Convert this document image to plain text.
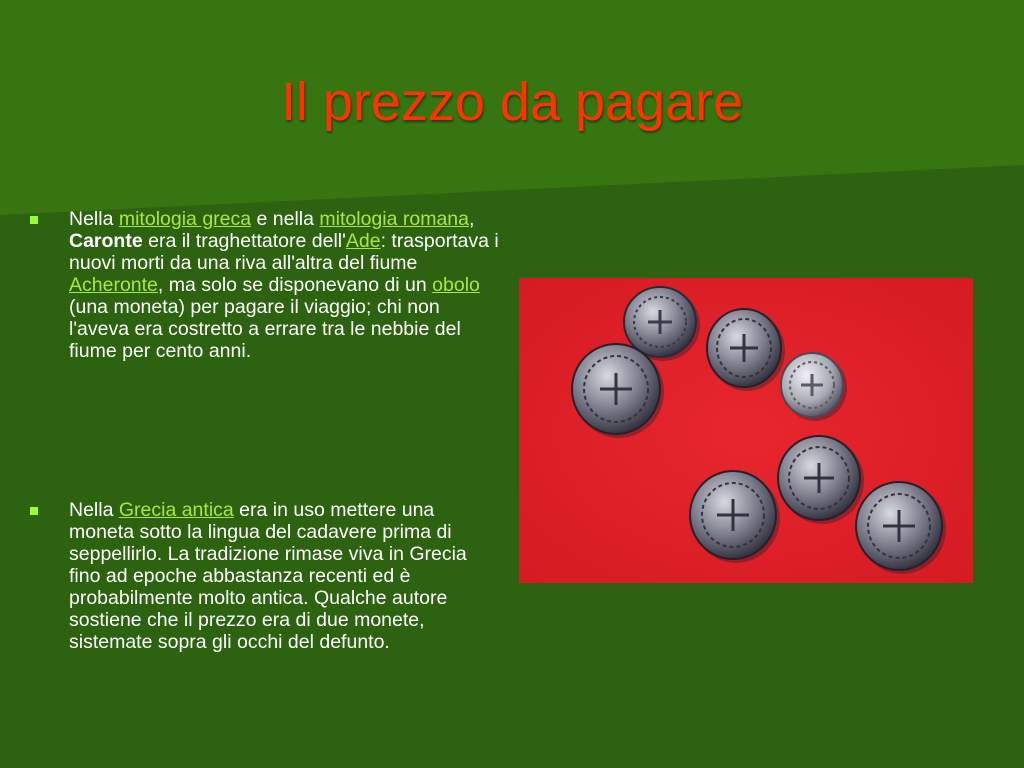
Il prezzo da pagare
Nella mitologia greca e nella mitologia romana, Caronte era il traghettatore dell'Ade: trasportava i nuovi morti da una riva all'altra del fiume Acheronte, ma solo se disponevano di un obolo (una moneta) per pagare il viaggio; chi non l'aveva era costretto a errare tra le nebbie del fiume per cento anni.
Nella Grecia antica era in uso mettere una moneta sotto la lingua del cadavere prima di seppellirlo. La tradizione rimase viva in Grecia fino ad epoche abbastanza recenti ed è probabilmente molto antica. Qualche autore sostiene che il prezzo era di due monete, sistemate sopra gli occhi del defunto.
